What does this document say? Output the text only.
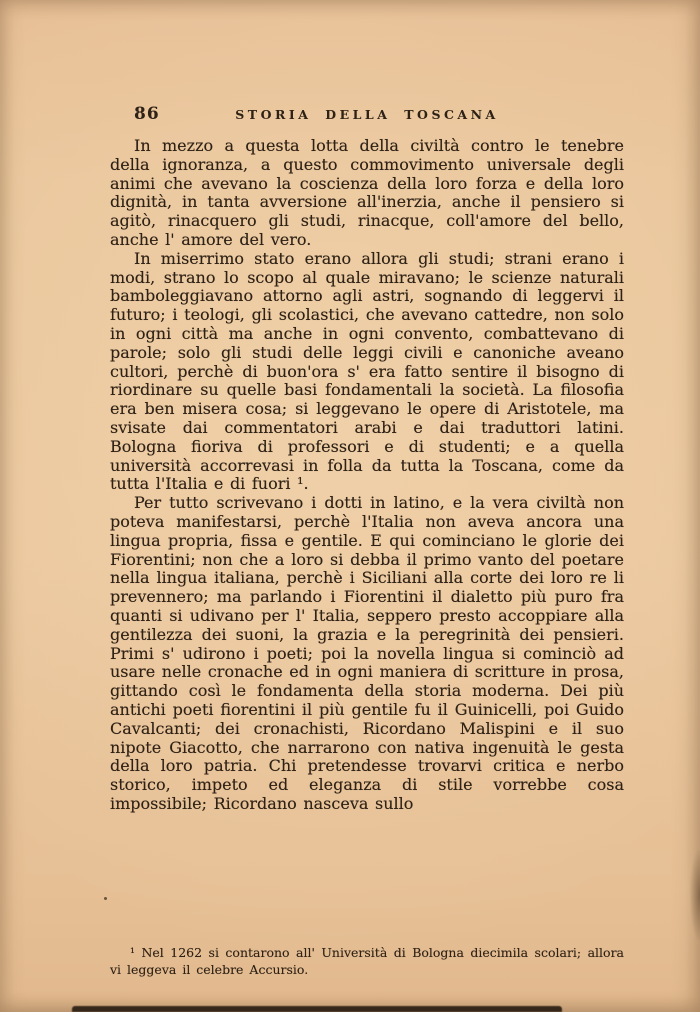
86	STORIA DELLA TOSCANA

In mezzo a questa lotta della civiltà contro le tenebre della ignoranza, a questo commovimento universale degli animi che avevano la coscienza della loro forza e della loro dignità, in tanta avversione all'inerzia, anche il pensiero si agitò, rinacquero gli studi, rinacque, coll'amore del bello, anche l' amore del vero.

In miserrimo stato erano allora gli studi; strani erano i modi, strano lo scopo al quale miravano; le scienze naturali bamboleggiavano attorno agli astri, sognando di leggervi il futuro; i teologi, gli scolastici, che avevano cattedre, non solo in ogni città ma anche in ogni convento, combattevano di parole; solo gli studi delle leggi civili e canoniche aveano cultori, perchè di buon'ora s' era fatto sentire il bisogno di riordinare su quelle basi fondamentali la società. La filosofia era ben misera cosa; si leggevano le opere di Aristotele, ma svisate dai commentatori arabi e dai traduttori latini. Bologna fioriva di professori e di studenti; e a quella università accorrevasi in folla da tutta la Toscana, come da tutta l'Italia e di fuori ¹.

Per tutto scrivevano i dotti in latino, e la vera civiltà non poteva manifestarsi, perchè l'Italia non aveva ancora una lingua propria, fissa e gentile. E qui cominciano le glorie dei Fiorentini; non che a loro si debba il primo vanto del poetare nella lingua italiana, perchè i Siciliani alla corte dei loro re li prevennero; ma parlando i Fiorentini il dialetto più puro fra quanti si udivano per l' Italia, seppero presto accoppiare alla gentilezza dei suoni, la grazia e la peregrinità dei pensieri. Primi s' udirono i poeti; poi la novella lingua si cominciò ad usare nelle cronache ed in ogni maniera di scritture in prosa, gittando così le fondamenta della storia moderna. Dei più antichi poeti fiorentini il più gentile fu il Guinicelli, poi Guido Cavalcanti; dei cronachisti, Ricordano Malispini e il suo nipote Giacotto, che narrarono con nativa ingenuità le gesta della loro patria. Chi pretendesse trovarvi critica e nerbo storico, impeto ed eleganza di stile vorrebbe cosa impossibile; Ricordano nasceva sullo

¹ Nel 1262 si contarono all' Università di Bologna diecimila scolari; allora vi leggeva il celebre Accursio.
